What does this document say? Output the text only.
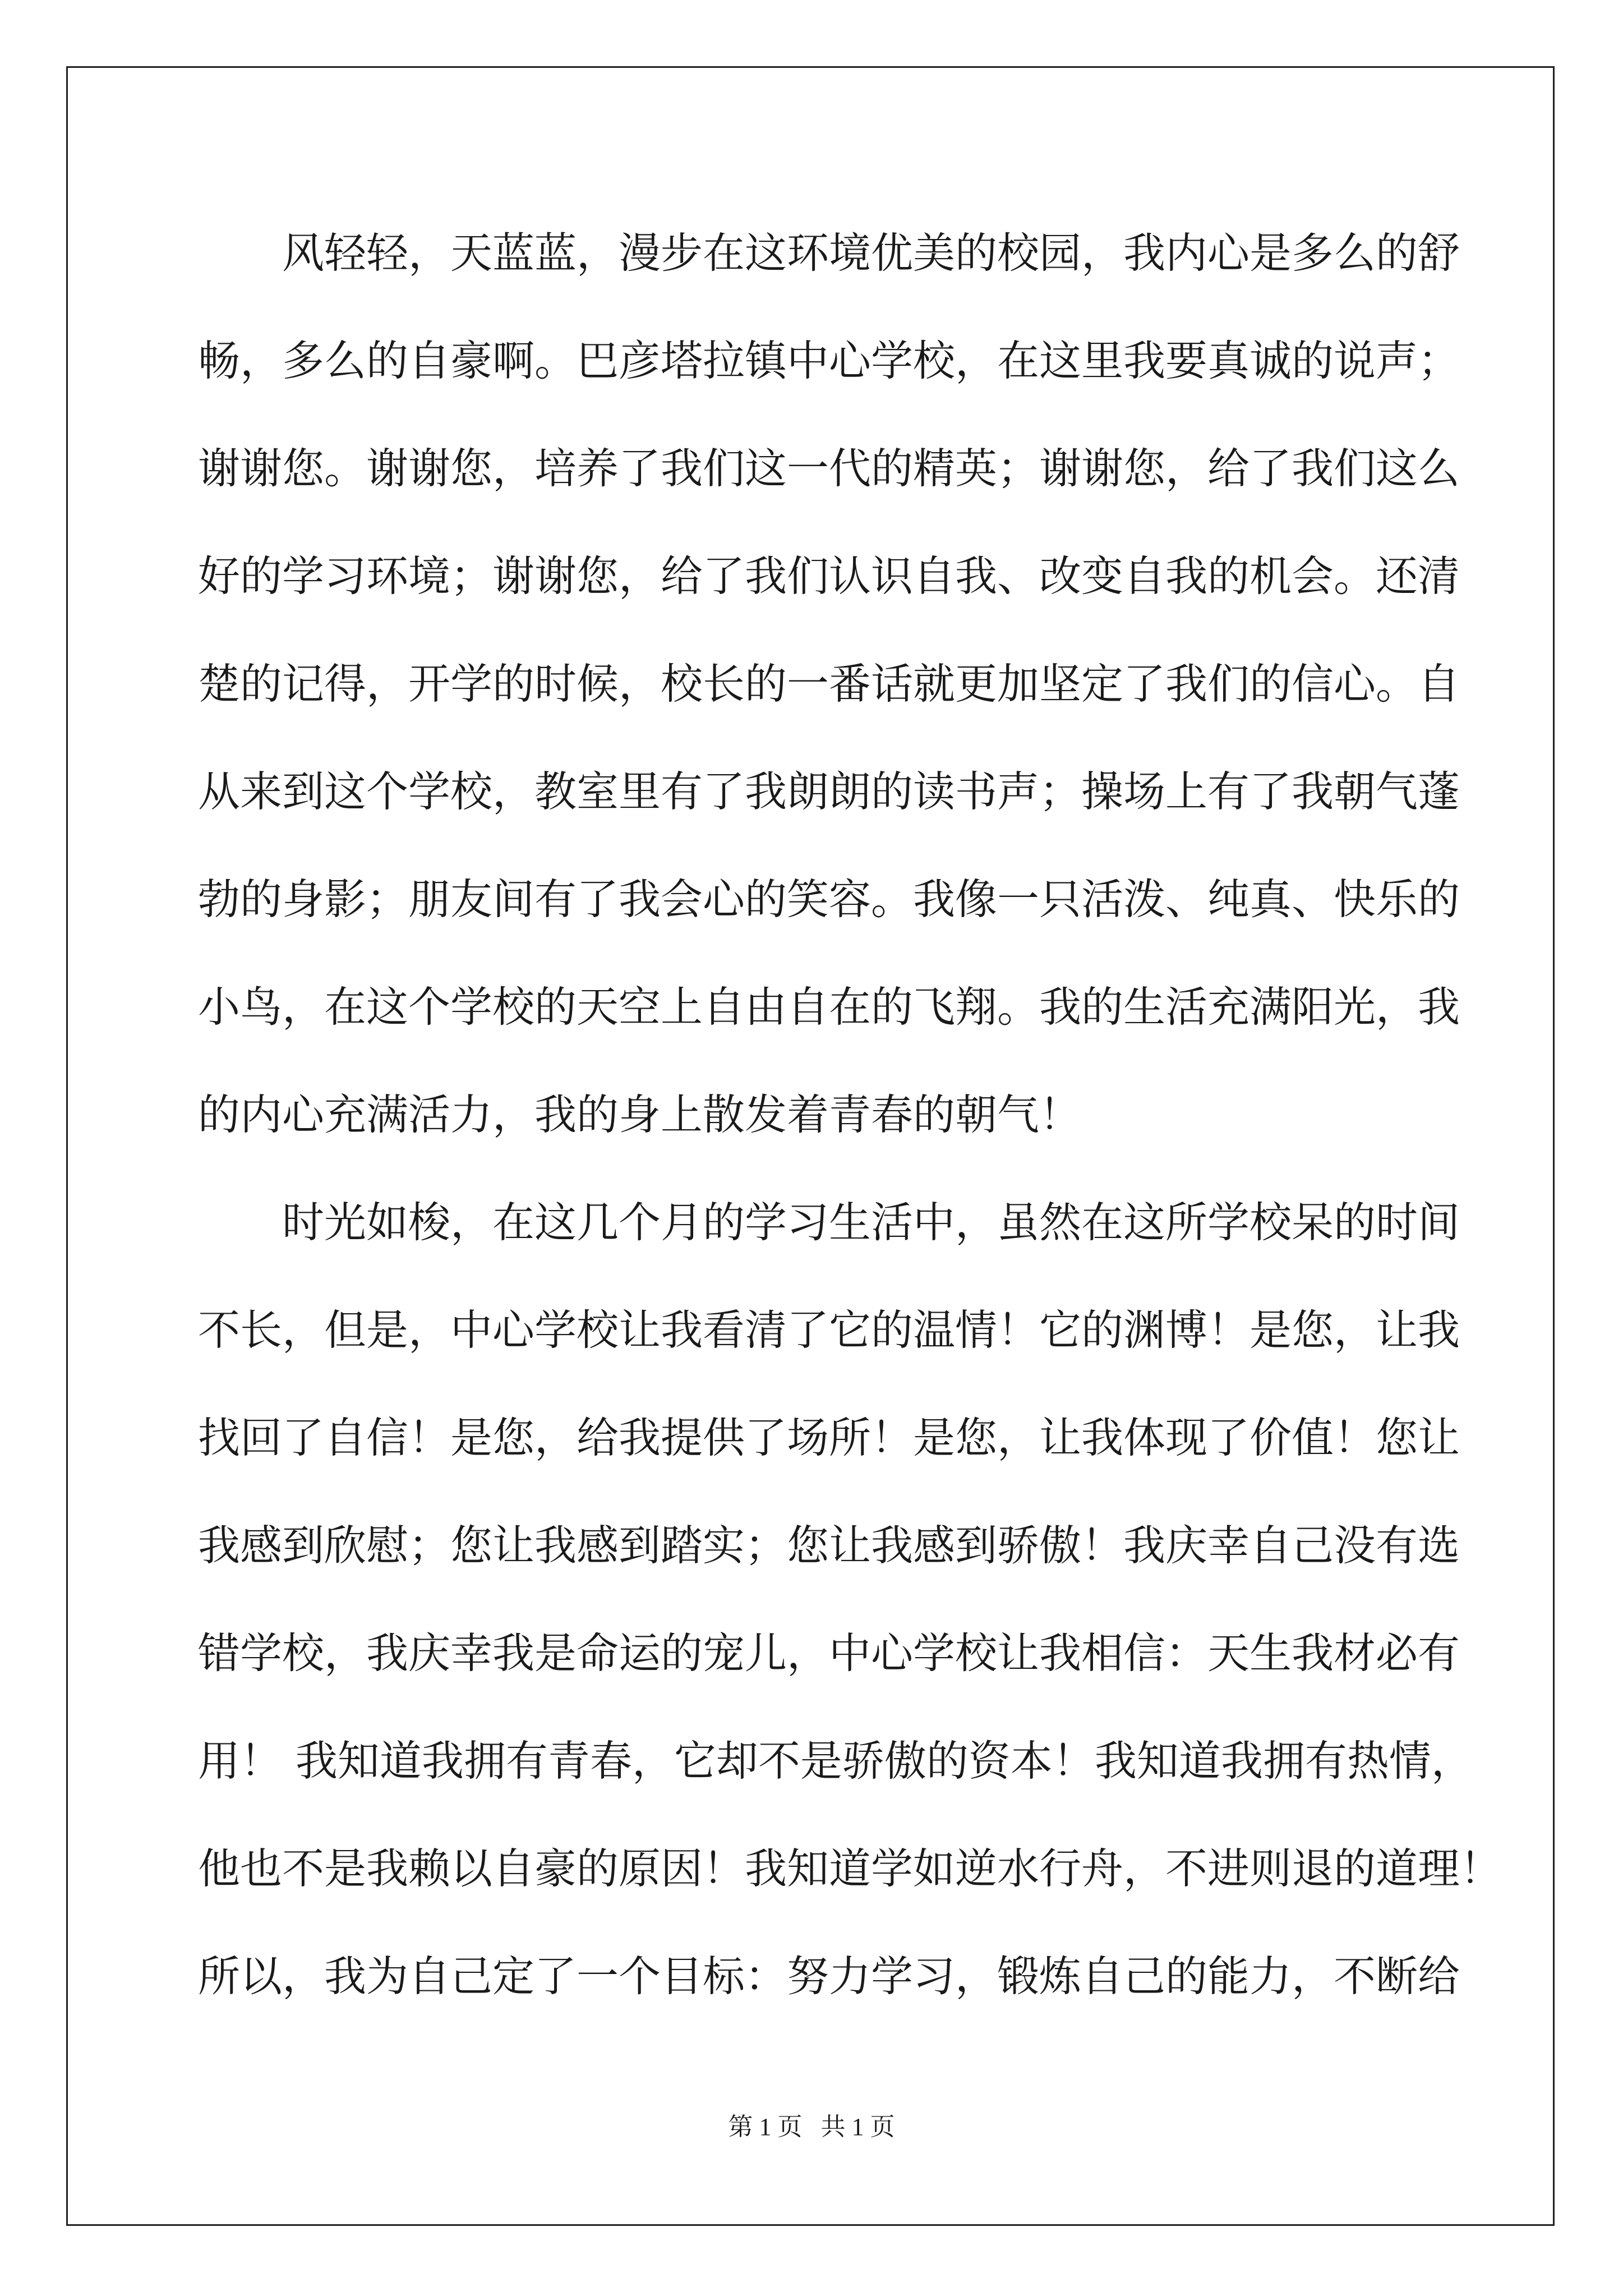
风轻轻，天蓝蓝，漫步在这环境优美的校园，我内心是多么的舒
畅，多么的自豪啊。巴彦塔拉镇中心学校，在这里我要真诚的说声；
谢谢您。谢谢您，培养了我们这一代的精英；谢谢您，给了我们这么
好的学习环境；谢谢您，给了我们认识自我、改变自我的机会。还清
楚的记得，开学的时候，校长的一番话就更加坚定了我们的信心。自
从来到这个学校，教室里有了我朗朗的读书声；操场上有了我朝气蓬
勃的身影；朋友间有了我会心的笑容。我像一只活泼、纯真、快乐的
小鸟，在这个学校的天空上自由自在的飞翔。我的生活充满阳光，我
的内心充满活力，我的身上散发着青春的朝气！
时光如梭，在这几个月的学习生活中，虽然在这所学校呆的时间
不长，但是，中心学校让我看清了它的温情！它的渊博！是您，让我
找回了自信！是您，给我提供了场所！是您，让我体现了价值！您让
我感到欣慰；您让我感到踏实；您让我感到骄傲！我庆幸自己没有选
错学校，我庆幸我是命运的宠儿，中心学校让我相信：天生我材必有
用！ 我知道我拥有青春，它却不是骄傲的资本！我知道我拥有热情，
他也不是我赖以自豪的原因！我知道学如逆水行舟，不进则退的道理！
所以，我为自己定了一个目标：努力学习，锻炼自己的能力，不断给
第 1 页   共 1 页
